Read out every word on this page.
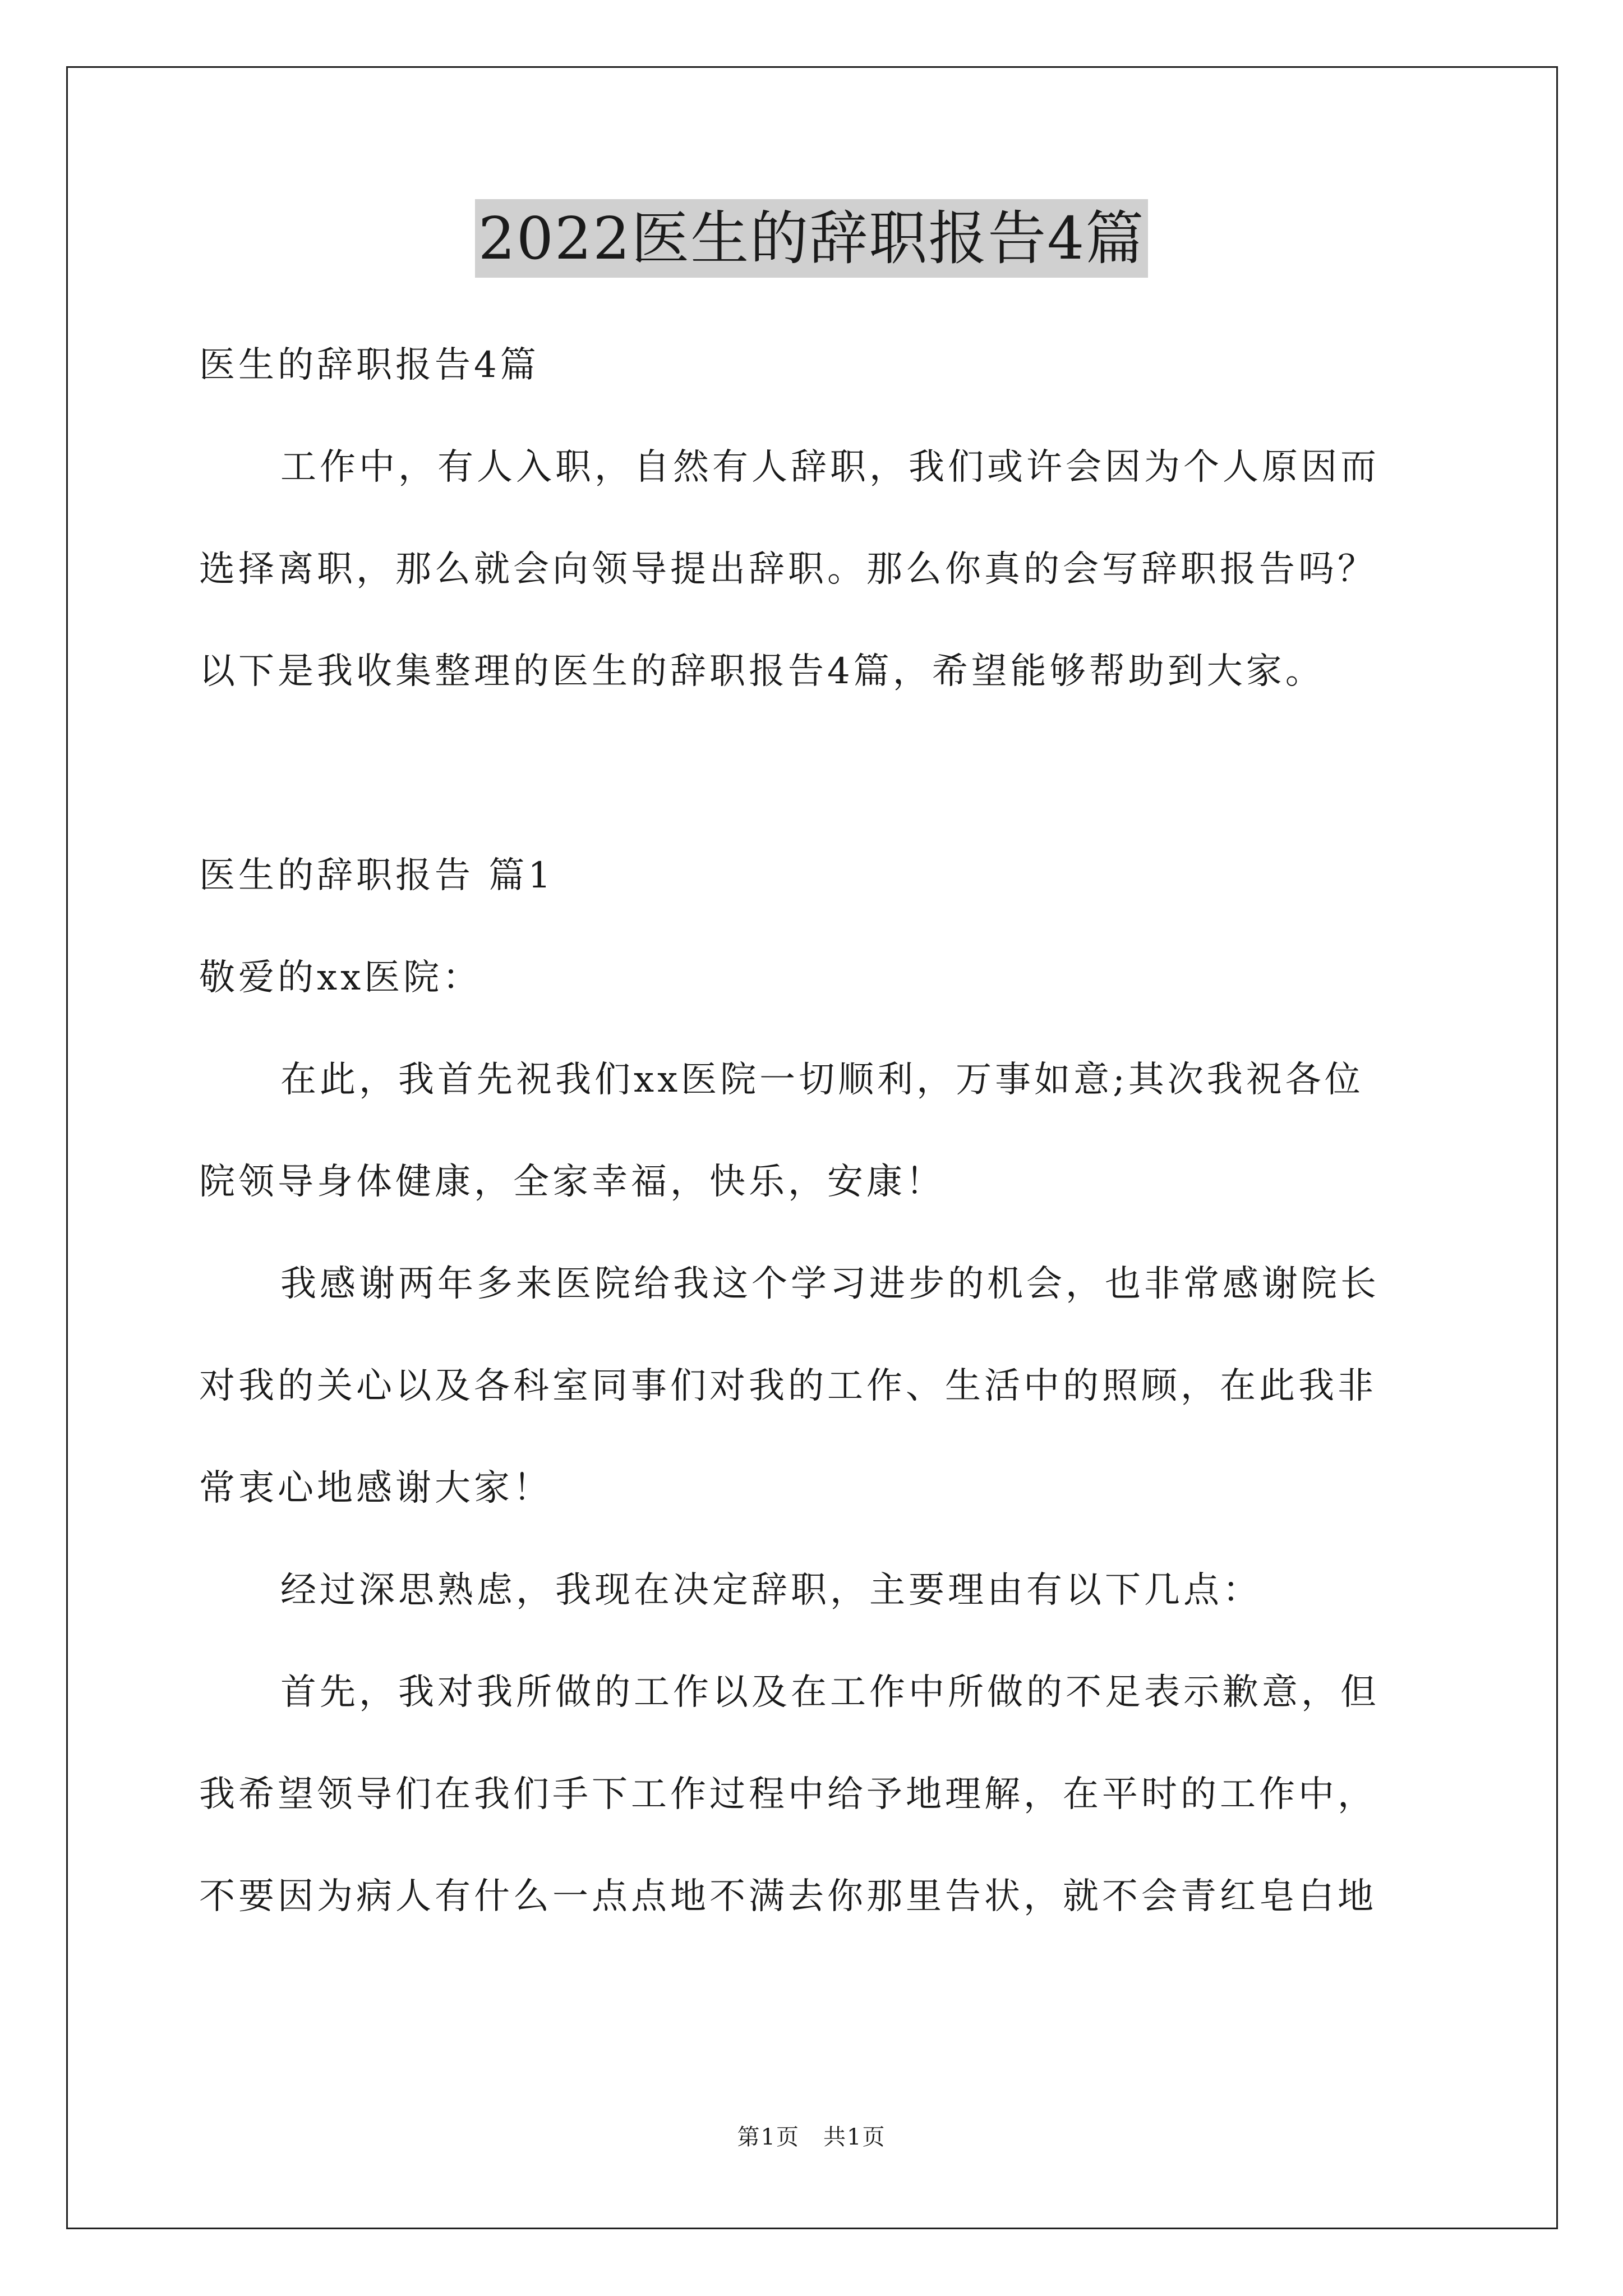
2022医生的辞职报告4篇
医生的辞职报告4篇
工作中，有人入职，自然有人辞职，我们或许会因为个人原因而
选择离职，那么就会向领导提出辞职。那么你真的会写辞职报告吗？
以下是我收集整理的医生的辞职报告4篇，希望能够帮助到大家。
医生的辞职报告 篇1
敬爱的xx医院：
在此，我首先祝我们xx医院一切顺利，万事如意;其次我祝各位
院领导身体健康，全家幸福，快乐，安康！
我感谢两年多来医院给我这个学习进步的机会，也非常感谢院长
对我的关心以及各科室同事们对我的工作、生活中的照顾，在此我非
常衷心地感谢大家！
经过深思熟虑，我现在决定辞职，主要理由有以下几点：
首先，我对我所做的工作以及在工作中所做的不足表示歉意，但
我希望领导们在我们手下工作过程中给予地理解，在平时的工作中，
不要因为病人有什么一点点地不满去你那里告状，就不会青红皂白地
第1页　共1页
